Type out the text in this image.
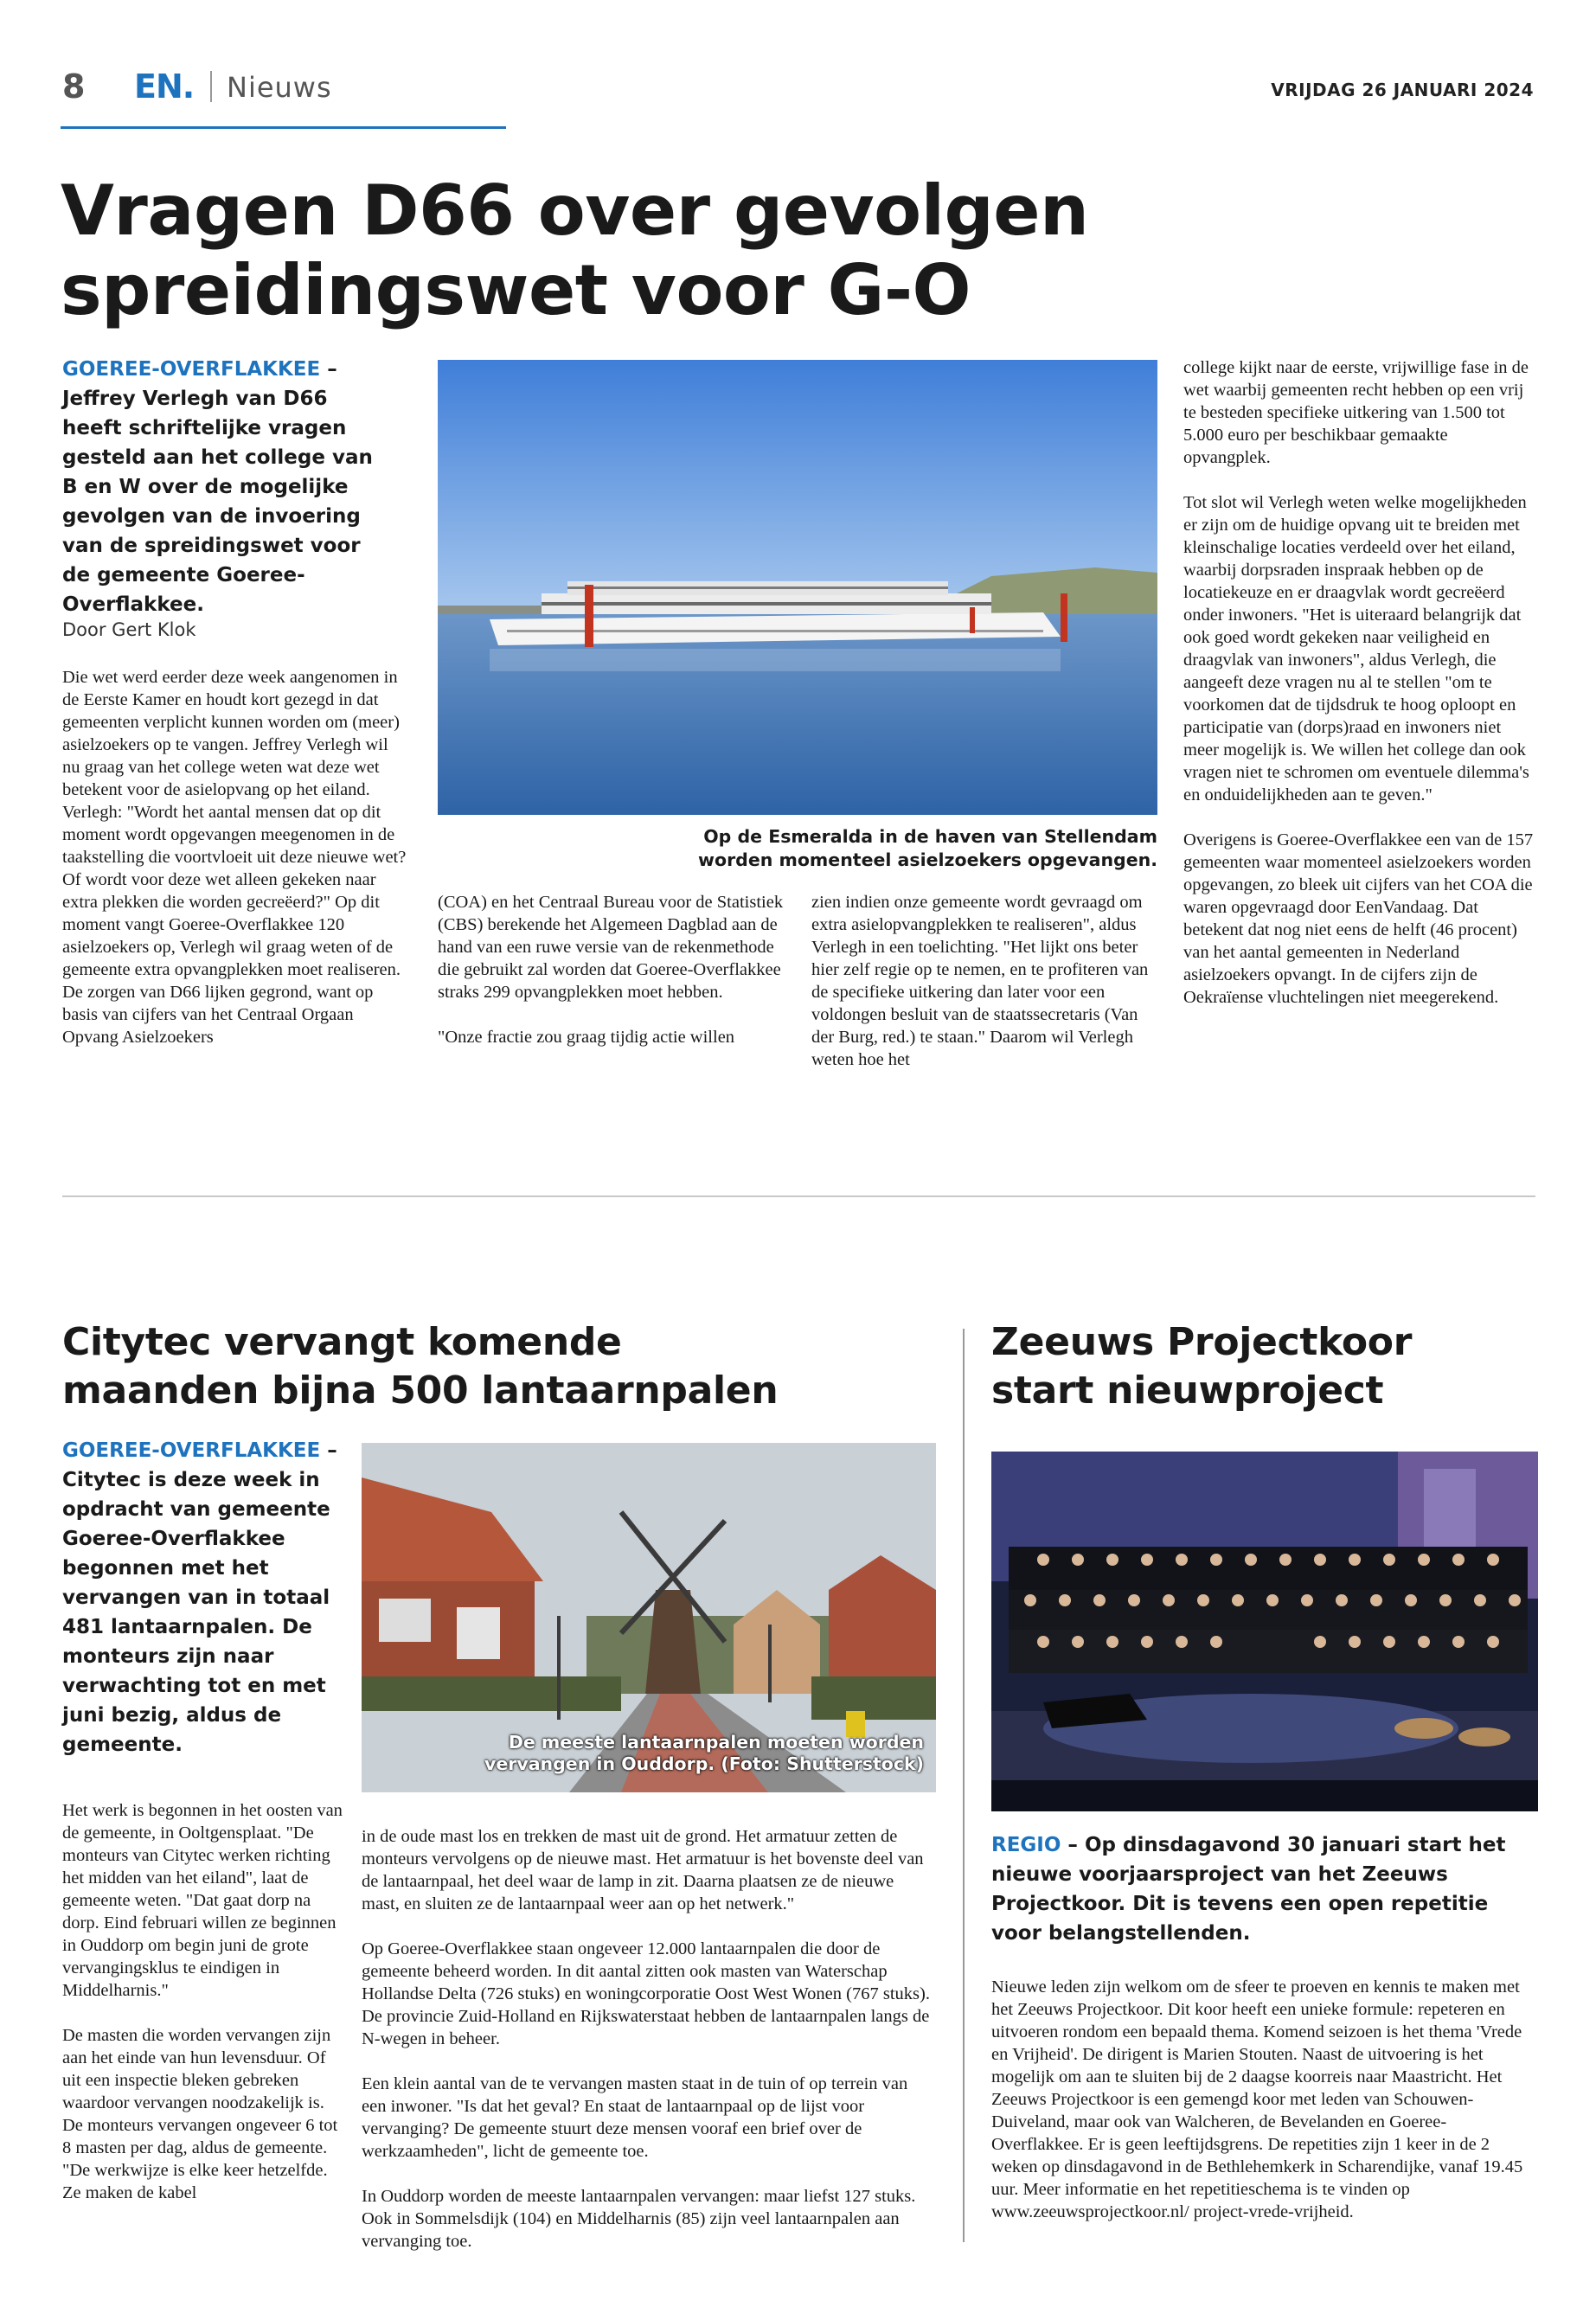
8 EN. Nieuws	VRIJDAG 26 JANUARI 2024
Vragen D66 over gevolgen
spreidingswet voor G-O
GOEREE-OVERFLAKKEE – Jeffrey Verlegh van D66 heeft schriftelijke vragen gesteld aan het college van B en W over de mogelijke gevolgen van de invoering van de spreidingswet voor de gemeente Goeree-Overflakkee.
Door Gert Klok

Die wet werd eerder deze week aangenomen in de Eerste Kamer en houdt kort gezegd in dat gemeenten verplicht kunnen worden om (meer) asielzoekers op te vangen. Jeffrey Verlegh wil nu graag van het college weten wat deze wet betekent voor de asielopvang op het eiland. Verlegh: "Wordt het aantal mensen dat op dit moment wordt opgevangen meegenomen in de taakstelling die voortvloeit uit deze nieuwe wet? Of wordt voor deze wet alleen gekeken naar extra plekken die worden gecreëerd?" Op dit moment vangt Goeree-Overflakkee 120 asielzoekers op, Verlegh wil graag weten of de gemeente extra opvangplekken moet realiseren. De zorgen van D66 lijken gegrond, want op basis van cijfers van het Centraal Orgaan Opvang Asielzoekers

Op de Esmeralda in de haven van Stellendam
worden momenteel asielzoekers opgevangen.

(COA) en het Centraal Bureau voor de Statistiek (CBS) berekende het Algemeen Dagblad aan de hand van een ruwe versie van de rekenmethode die gebruikt zal worden dat Goeree-Overflakkee straks 299 opvangplekken moet hebben.

"Onze fractie zou graag tijdig actie willen

zien indien onze gemeente wordt gevraagd om extra asielopvangplekken te realiseren", aldus Verlegh in een toelichting. "Het lijkt ons beter hier zelf regie op te nemen, en te profiteren van de specifieke uitkering dan later voor een voldongen besluit van de staatssecretaris (Van der Burg, red.) te staan." Daarom wil Verlegh weten hoe het

college kijkt naar de eerste, vrijwillige fase in de wet waarbij gemeenten recht hebben op een vrij te besteden specifieke uitkering van 1.500 tot 5.000 euro per beschikbaar gemaakte opvangplek.

Tot slot wil Verlegh weten welke mogelijkheden er zijn om de huidige opvang uit te breiden met kleinschalige locaties verdeeld over het eiland, waarbij dorpsraden inspraak hebben op de locatiekeuze en er draagvlak wordt gecreëerd onder inwoners. "Het is uiteraard belangrijk dat ook goed wordt gekeken naar veiligheid en draagvlak van inwoners", aldus Verlegh, die aangeeft deze vragen nu al te stellen "om te voorkomen dat de tijdsdruk te hoog oploopt en participatie van (dorps)raad en inwoners niet meer mogelijk is. We willen het college dan ook vragen niet te schromen om eventuele dilemma's en onduidelijkheden aan te geven."

Overigens is Goeree-Overflakkee een van de 157 gemeenten waar momenteel asielzoekers worden opgevangen, zo bleek uit cijfers van het COA die waren opgevraagd door EenVandaag. Dat betekent dat nog niet eens de helft (46 procent) van het aantal gemeenten in Nederland asielzoekers opvangt. In de cijfers zijn de Oekraïense vluchtelingen niet meegerekend.

Citytec vervangt komende
maanden bijna 500 lantaarnpalen
GOEREE-OVERFLAKKEE – Citytec is deze week in opdracht van gemeente Goeree-Overflakkee begonnen met het vervangen van in totaal 481 lantaarnpalen. De monteurs zijn naar verwachting tot en met juni bezig, aldus de gemeente.	De meeste lantaarnpalen moeten worden
vervangen in Ouddorp. (Foto: Shutterstock)

Het werk is begonnen in het oosten van de gemeente, in Ooltgensplaat. "De monteurs van Citytec werken richting het midden van het eiland", laat de gemeente weten. "Dat gaat dorp na dorp. Eind februari willen ze beginnen in Ouddorp om begin juni de grote vervangingsklus te eindigen in Middelharnis."

De masten die worden vervangen zijn aan het einde van hun levensduur. Of uit een inspectie bleken gebreken waardoor vervangen noodzakelijk is. De monteurs vervangen ongeveer 6 tot 8 masten per dag, aldus de gemeente. "De werkwijze is elke keer hetzelfde. Ze maken de kabel

in de oude mast los en trekken de mast uit de grond. Het armatuur zetten de monteurs vervolgens op de nieuwe mast. Het armatuur is het bovenste deel van de lantaarnpaal, het deel waar de lamp in zit. Daarna plaatsen ze de nieuwe mast, en sluiten ze de lantaarnpaal weer aan op het netwerk."

Op Goeree-Overflakkee staan ongeveer 12.000 lantaarnpalen die door de gemeente beheerd worden. In dit aantal zitten ook masten van Waterschap Hollandse Delta (726 stuks) en woningcorporatie Oost West Wonen (767 stuks). De provincie Zuid-Holland en Rijkswaterstaat hebben de lantaarnpalen langs de N-wegen in beheer.

Een klein aantal van de te vervangen masten staat in de tuin of op terrein van een inwoner. "Is dat het geval? En staat de lantaarnpaal op de lijst voor vervanging? De gemeente stuurt deze mensen vooraf een brief over de werkzaamheden", licht de gemeente toe.

In Ouddorp worden de meeste lantaarnpalen vervangen: maar liefst 127 stuks. Ook in Sommelsdijk (104) en Middelharnis (85) zijn veel lantaarnpalen aan vervanging toe.

Zeeuws Projectkoor
start nieuwproject
REGIO – Op dinsdagavond 30 januari start het nieuwe voorjaarsproject van het Zeeuws Projectkoor. Dit is tevens een open repetitie voor belangstellenden.

Nieuwe leden zijn welkom om de sfeer te proeven en kennis te maken met het Zeeuws Projectkoor. Dit koor heeft een unieke formule: repeteren en uitvoeren rondom een bepaald thema. Komend seizoen is het thema 'Vrede en Vrijheid'. De dirigent is Marien Stouten. Naast de uitvoering is het mogelijk om aan te sluiten bij de 2 daagse koorreis naar Maastricht. Het Zeeuws Projectkoor is een gemengd koor met leden van Schouwen-Duiveland, maar ook van Walcheren, de Bevelanden en Goeree-Overflakkee. Er is geen leeftijdsgrens. De repetities zijn 1 keer in de 2 weken op dinsdagavond in de Bethlehemkerk in Scharendijke, vanaf 19.45 uur. Meer informatie en het repetitieschema is te vinden op www.zeeuwsprojectkoor.nl/ project-vrede-vrijheid.
